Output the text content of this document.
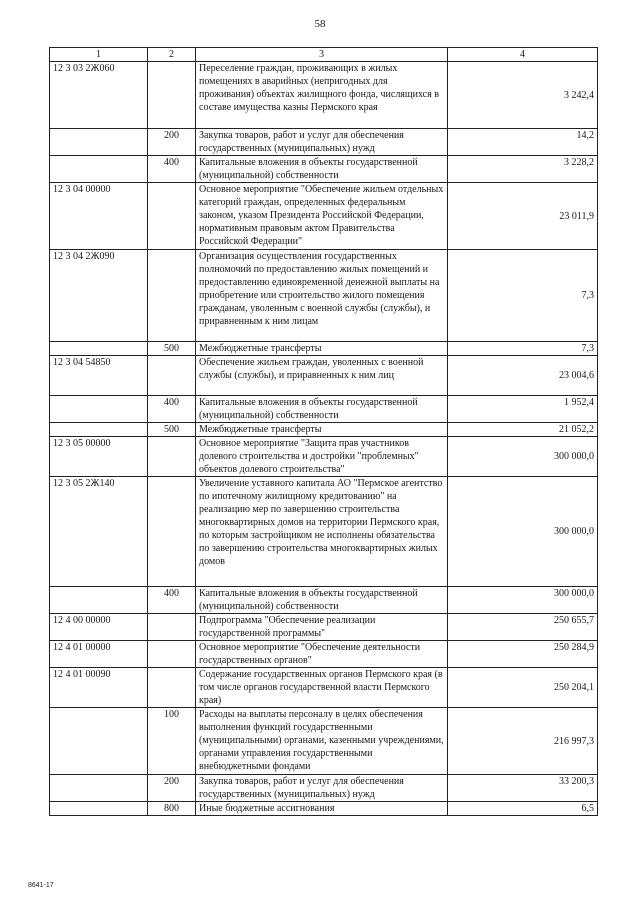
58
1	2	3	4
12 3 03 2Ж060		Переселение граждан, проживающих в жилых помещениях в аварийных (непригодных для проживания) объектах жилищного фонда, числящихся в составе имущества казны Пермского края	3 242,4
	200	Закупка товаров, работ и услуг для обеспечения государственных (муниципальных) нужд	14,2
	400	Капитальные вложения в объекты государственной (муниципальной) собственности	3 228,2
12 3 04 00000		Основное мероприятие "Обеспечение жильем отдельных категорий граждан, определенных федеральным законом, указом Президента Российской Федерации, нормативным правовым актом Правительства Российской Федерации"	23 011,9
12 3 04 2Ж090		Организация осуществления государственных полномочий по предоставлению жилых помещений и предоставлению единовременной денежной выплаты на приобретение или строительство жилого помещения гражданам, уволенным с военной службы (службы), и приравненным к ним лицам	7,3
	500	Межбюджетные трансферты	7,3
12 3 04 54850		Обеспечение жильем граждан, уволенных с военной службы (службы), и приравненных к ним лиц	23 004,6
	400	Капитальные вложения в объекты государственной (муниципальной) собственности	1 952,4
	500	Межбюджетные трансферты	21 052,2
12 3 05 00000		Основное мероприятие "Защита прав участников долевого строительства и достройки "проблемных" объектов долевого строительства"	300 000,0
12 3 05 2Ж140		Увеличение уставного капитала АО "Пермское агентство по ипотечному жилищному кредитованию" на реализацию мер по завершению строительства многоквартирных домов на территории Пермского края, по которым застройщиком не исполнены обязательства по завершению строительства многоквартирных жилых домов	300 000,0
	400	Капитальные вложения в объекты государственной (муниципальной) собственности	300 000,0
12 4 00 00000		Подпрограмма "Обеспечение реализации государственной программы"	250 655,7
12 4 01 00000		Основное мероприятие "Обеспечение деятельности государственных органов"	250 284,9
12 4 01 00090		Содержание государственных органов Пермского края (в том числе органов государственной власти Пермского края)	250 204,1
	100	Расходы на выплаты персоналу в целях обеспечения выполнения функций государственными (муниципальными) органами, казенными учреждениями, органами управления государственными внебюджетными фондами	216 997,3
	200	Закупка товаров, работ и услуг для обеспечения государственных (муниципальных) нужд	33 200,3
	800	Иные бюджетные ассигнования	6,5
8641-17
